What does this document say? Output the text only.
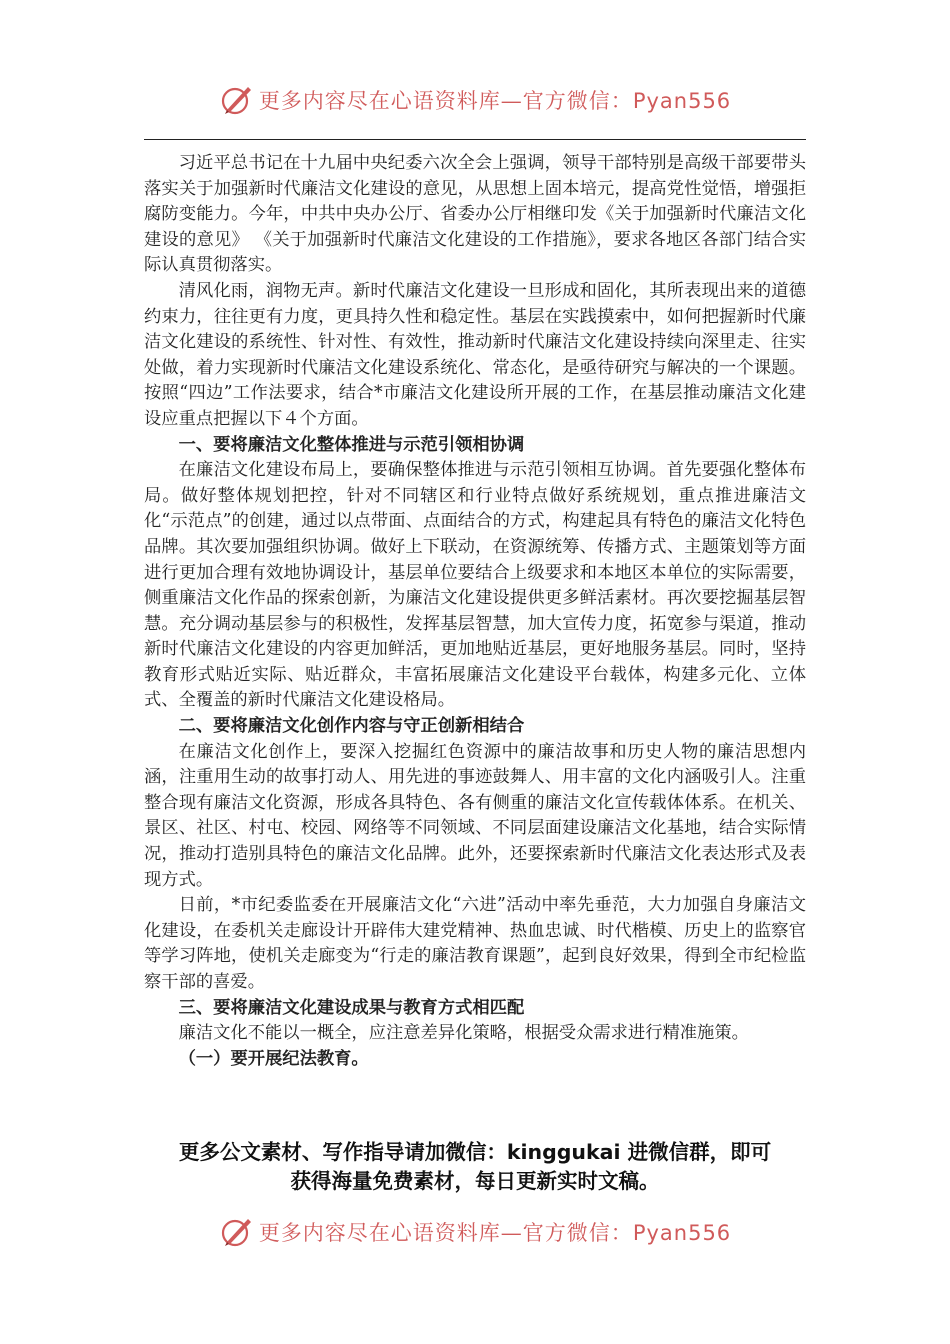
更多内容尽在心语资料库—官方微信：Pyan556

习近平总书记在十九届中央纪委六次全会上强调，领导干部特别是高级干部要带头落实关于加强新时代廉洁文化建设的意见，从思想上固本培元，提高党性觉悟，增强拒腐防变能力。今年，中共中央办公厅、省委办公厅相继印发《关于加强新时代廉洁文化建设的意见》 《关于加强新时代廉洁文化建设的工作措施》，要求各地区各部门结合实际认真贯彻落实。

清风化雨，润物无声。新时代廉洁文化建设一旦形成和固化，其所表现出来的道德约束力，往往更有力度，更具持久性和稳定性。基层在实践摸索中，如何把握新时代廉洁文化建设的系统性、针对性、有效性，推动新时代廉洁文化建设持续向深里走、往实处做，着力实现新时代廉洁文化建设系统化、常态化，是亟待研究与解决的一个课题。按照“四边”工作法要求，结合*市廉洁文化建设所开展的工作，在基层推动廉洁文化建设应重点把握以下４个方面。

一、要将廉洁文化整体推进与示范引领相协调

在廉洁文化建设布局上，要确保整体推进与示范引领相互协调。首先要强化整体布局。做好整体规划把控，针对不同辖区和行业特点做好系统规划，重点推进廉洁文化“示范点”的创建，通过以点带面、点面结合的方式，构建起具有特色的廉洁文化特色品牌。其次要加强组织协调。做好上下联动，在资源统筹、传播方式、主题策划等方面进行更加合理有效地协调设计，基层单位要结合上级要求和本地区本单位的实际需要，侧重廉洁文化作品的探索创新，为廉洁文化建设提供更多鲜活素材。再次要挖掘基层智慧。充分调动基层参与的积极性，发挥基层智慧，加大宣传力度，拓宽参与渠道，推动新时代廉洁文化建设的内容更加鲜活，更加地贴近基层，更好地服务基层。同时，坚持教育形式贴近实际、贴近群众，丰富拓展廉洁文化建设平台载体，构建多元化、立体式、全覆盖的新时代廉洁文化建设格局。

二、要将廉洁文化创作内容与守正创新相结合

在廉洁文化创作上，要深入挖掘红色资源中的廉洁故事和历史人物的廉洁思想内涵，注重用生动的故事打动人、用先进的事迹鼓舞人、用丰富的文化内涵吸引人。注重整合现有廉洁文化资源，形成各具特色、各有侧重的廉洁文化宣传载体体系。在机关、景区、社区、村屯、校园、网络等不同领域、不同层面建设廉洁文化基地，结合实际情况，推动打造别具特色的廉洁文化品牌。此外，还要探索新时代廉洁文化表达形式及表现方式。

日前，*市纪委监委在开展廉洁文化“六进”活动中率先垂范，大力加强自身廉洁文化建设，在委机关走廊设计开辟伟大建党精神、热血忠诚、时代楷模、历史上的监察官等学习阵地，使机关走廊变为“行走的廉洁教育课题”，起到良好效果，得到全市纪检监察干部的喜爱。

三、要将廉洁文化建设成果与教育方式相匹配

廉洁文化不能以一概全，应注意差异化策略，根据受众需求进行精准施策。

（一）要开展纪法教育。
更多公文素材、写作指导请加微信：kinggukai 进微信群，即可
获得海量免费素材，每日更新实时文稿。
更多内容尽在心语资料库—官方微信：Pyan556
